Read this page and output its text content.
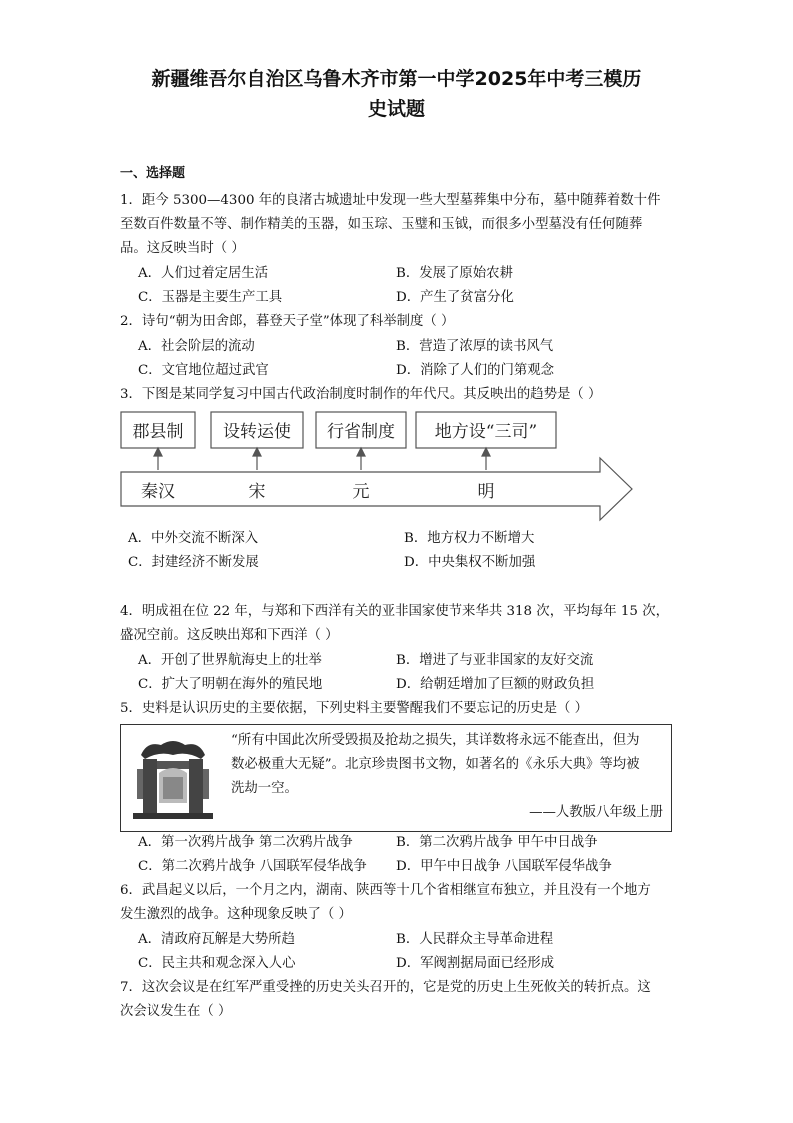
新疆维吾尔自治区乌鲁木齐市第一中学2025年中考三模历
史试题
一、选择题
1．距今 5300—4300 年的良渚古城遗址中发现一些大型墓葬集中分布，墓中随葬着数十件
至数百件数量不等、制作精美的玉器，如玉琮、玉璧和玉钺，而很多小型墓没有任何随葬
品。这反映当时（ ）
A．人们过着定居生活	B．发展了原始农耕
C．玉器是主要生产工具	D．产生了贫富分化
2．诗句“朝为田舍郎，暮登天子堂”体现了科举制度（ ）
A．社会阶层的流动	B．营造了浓厚的读书风气
C．文官地位超过武官	D．消除了人们的门第观念
3．下图是某同学复习中国古代政治制度时制作的年代尺。其反映出的趋势是（ ）
郡县制 设转运使 行省制度 地方设“三司”
秦汉	宋	元	明
A．中外交流不断深入	B．地方权力不断增大
C．封建经济不断发展	D．中央集权不断加强
4．明成祖在位 22 年，与郑和下西洋有关的亚非国家使节来华共 318 次，平均每年 15 次，
盛况空前。这反映出郑和下西洋（ ）
A．开创了世界航海史上的壮举	B．增进了与亚非国家的友好交流
C．扩大了明朝在海外的殖民地	D．给朝廷增加了巨额的财政负担
5．史料是认识历史的主要依据，下列史料主要警醒我们不要忘记的历史是（ ）
“所有中国此次所受毁损及抢劫之损失，其详数将永远不能查出，但为
数必极重大无疑”。北京珍贵图书文物，如著名的《永乐大典》等均被
洗劫一空。
——人教版八年级上册
A．第一次鸦片战争 第二次鸦片战争	B．第二次鸦片战争 甲午中日战争
C．第二次鸦片战争 八国联军侵华战争 D．甲午中日战争 八国联军侵华战争
6．武昌起义以后，一个月之内，湖南、陕西等十几个省相继宣布独立，并且没有一个地方
发生激烈的战争。这种现象反映了（ ）
A．清政府瓦解是大势所趋	B．人民群众主导革命进程
C．民主共和观念深入人心	D．军阀割据局面已经形成
7．这次会议是在红军严重受挫的历史关头召开的，它是党的历史上生死攸关的转折点。这
次会议发生在（ ）
